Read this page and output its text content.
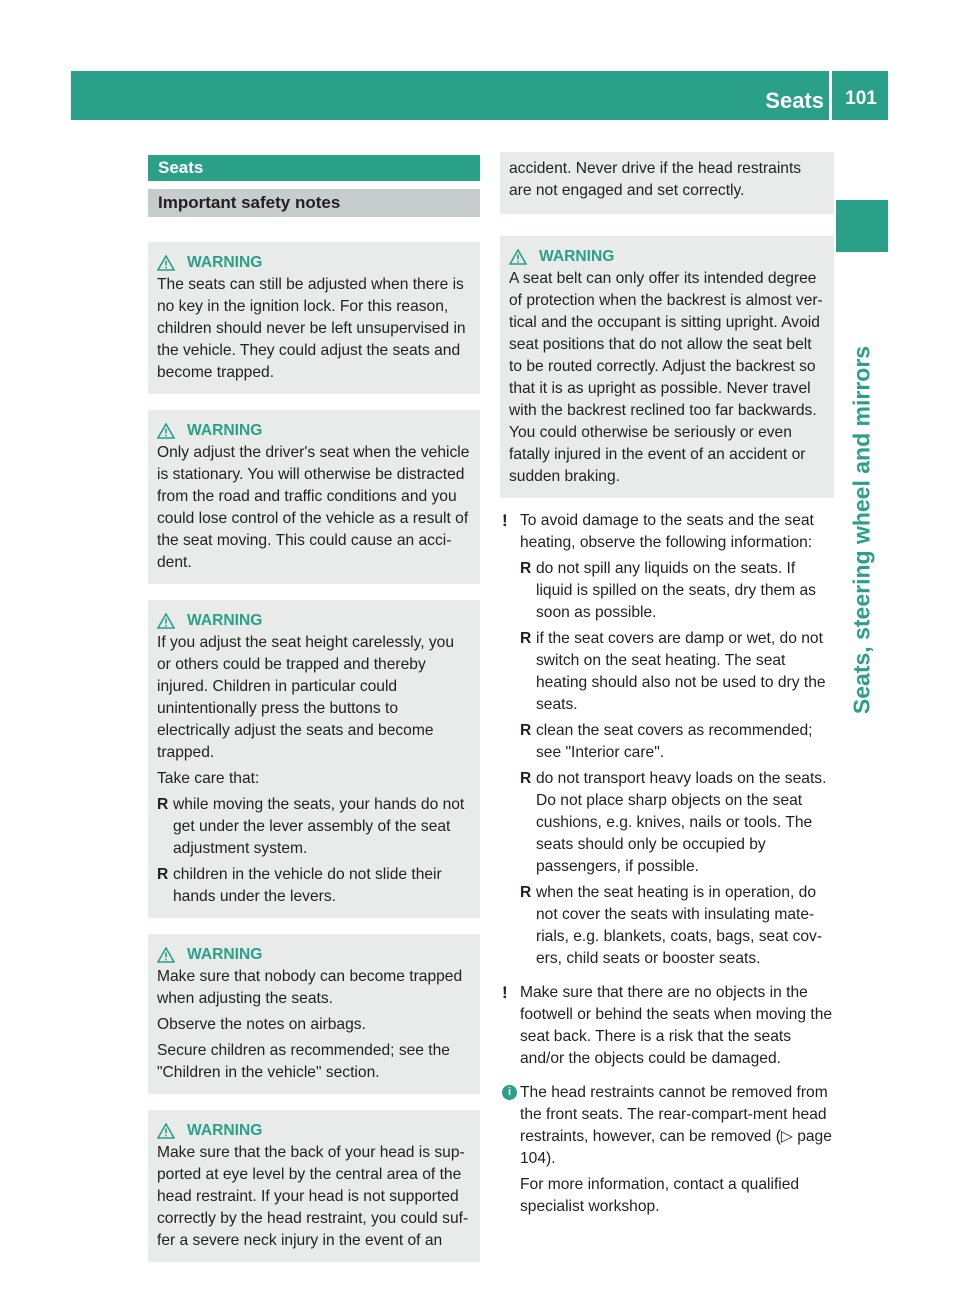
Seats	101
Seats, steering wheel and mirrors
Seats
Important safety notes
WARNING

The seats can still be adjusted when there is no key in the ignition lock. For this reason, children should never be left unsupervised in the vehicle. They could adjust the seats and become trapped.

WARNING

Only adjust the driver's seat when the vehicle is stationary. You will otherwise be distracted from the road and traffic conditions and you could lose control of the vehicle as a result of the seat moving. This could cause an acci-dent.

WARNING

If you adjust the seat height carelessly, you or others could be trapped and thereby injured. Children in particular could unintentionally press the buttons to electrically adjust the seats and become trapped.

Take care that:

R while moving the seats, your hands do not get under the lever assembly of the seat adjustment system.
R children in the vehicle do not slide their hands under the levers.
WARNING

Make sure that nobody can become trapped when adjusting the seats.

Observe the notes on airbags.

Secure children as recommended; see the "Children in the vehicle" section.

WARNING

Make sure that the back of your head is sup-ported at eye level by the central area of the head restraint. If your head is not supported correctly by the head restraint, you could suf-fer a severe neck injury in the event of an

accident. Never drive if the head restraints are not engaged and set correctly.

WARNING

A seat belt can only offer its intended degree of protection when the backrest is almost ver-tical and the occupant is sitting upright. Avoid seat positions that do not allow the seat belt to be routed correctly. Adjust the backrest so that it is as upright as possible. Never travel with the backrest reclined too far backwards. You could otherwise be seriously or even fatally injured in the event of an accident or sudden braking.

! To avoid damage to the seats and the seat heating, observe the following information:

R do not spill any liquids on the seats. If liquid is spilled on the seats, dry them as soon as possible.
R if the seat covers are damp or wet, do not switch on the seat heating. The seat heating should also not be used to dry the seats.
R clean the seat covers as recommended; see "Interior care".
R do not transport heavy loads on the seats. Do not place sharp objects on the seat cushions, e.g. knives, nails or tools. The seats should only be occupied by passengers, if possible.
R when the seat heating is in operation, do not cover the seats with insulating mate-rials, e.g. blankets, coats, bags, seat cov-ers, child seats or booster seats.
! Make sure that there are no objects in the footwell or behind the seats when moving the seat back. There is a risk that the seats and/or the objects could be damaged.

i The head restraints cannot be removed from the front seats. The rear-compart-ment head restraints, however, can be removed (▷ page 104).

For more information, contact a qualified specialist workshop.
